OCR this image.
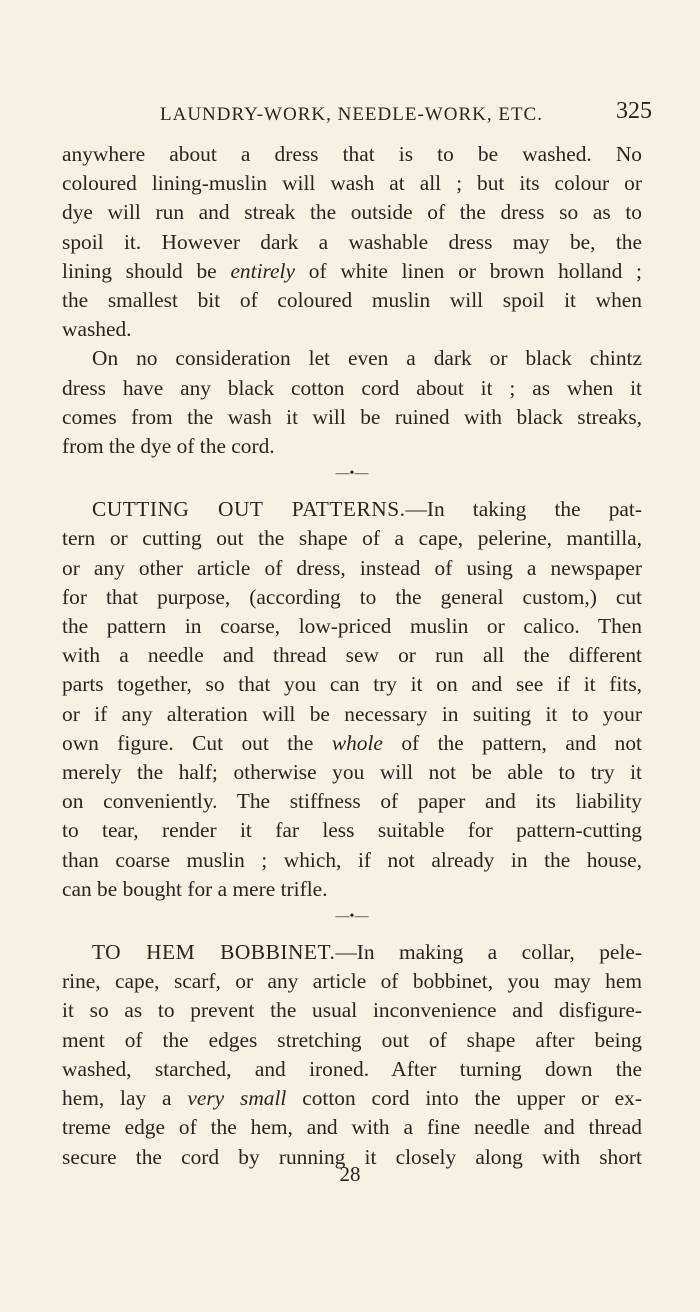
LAUNDRY-WORK, NEEDLE-WORK, ETC.	325
anywhere about a dress that is to be washed. No
coloured lining-muslin will wash at all ; but its colour or
dye will run and streak the outside of the dress so as to
spoil it. However dark a washable dress may be, the
lining should be entirely of white linen or brown holland ;
the smallest bit of coloured muslin will spoil it when
washed.
On no consideration let even a dark or black chintz
dress have any black cotton cord about it ; as when it
comes from the wash it will be ruined with black streaks,
from the dye of the cord.
—•—
CUTTING OUT PATTERNS.—In taking the pat-
tern or cutting out the shape of a cape, pelerine, mantilla,
or any other article of dress, instead of using a newspaper
for that purpose, (according to the general custom,) cut
the pattern in coarse, low-priced muslin or calico. Then
with a needle and thread sew or run all the different
parts together, so that you can try it on and see if it fits,
or if any alteration will be necessary in suiting it to your
own figure. Cut out the whole of the pattern, and not
merely the half; otherwise you will not be able to try it
on conveniently. The stiffness of paper and its liability
to tear, render it far less suitable for pattern-cutting
than coarse muslin ; which, if not already in the house,
can be bought for a mere trifle.
—•—
TO HEM BOBBINET.—In making a collar, pele-
rine, cape, scarf, or any article of bobbinet, you may hem
it so as to prevent the usual inconvenience and disfigure-
ment of the edges stretching out of shape after being
washed, starched, and ironed. After turning down the
hem, lay a very small cotton cord into the upper or ex-
treme edge of the hem, and with a fine needle and thread
secure the cord by running it closely along with short
28
